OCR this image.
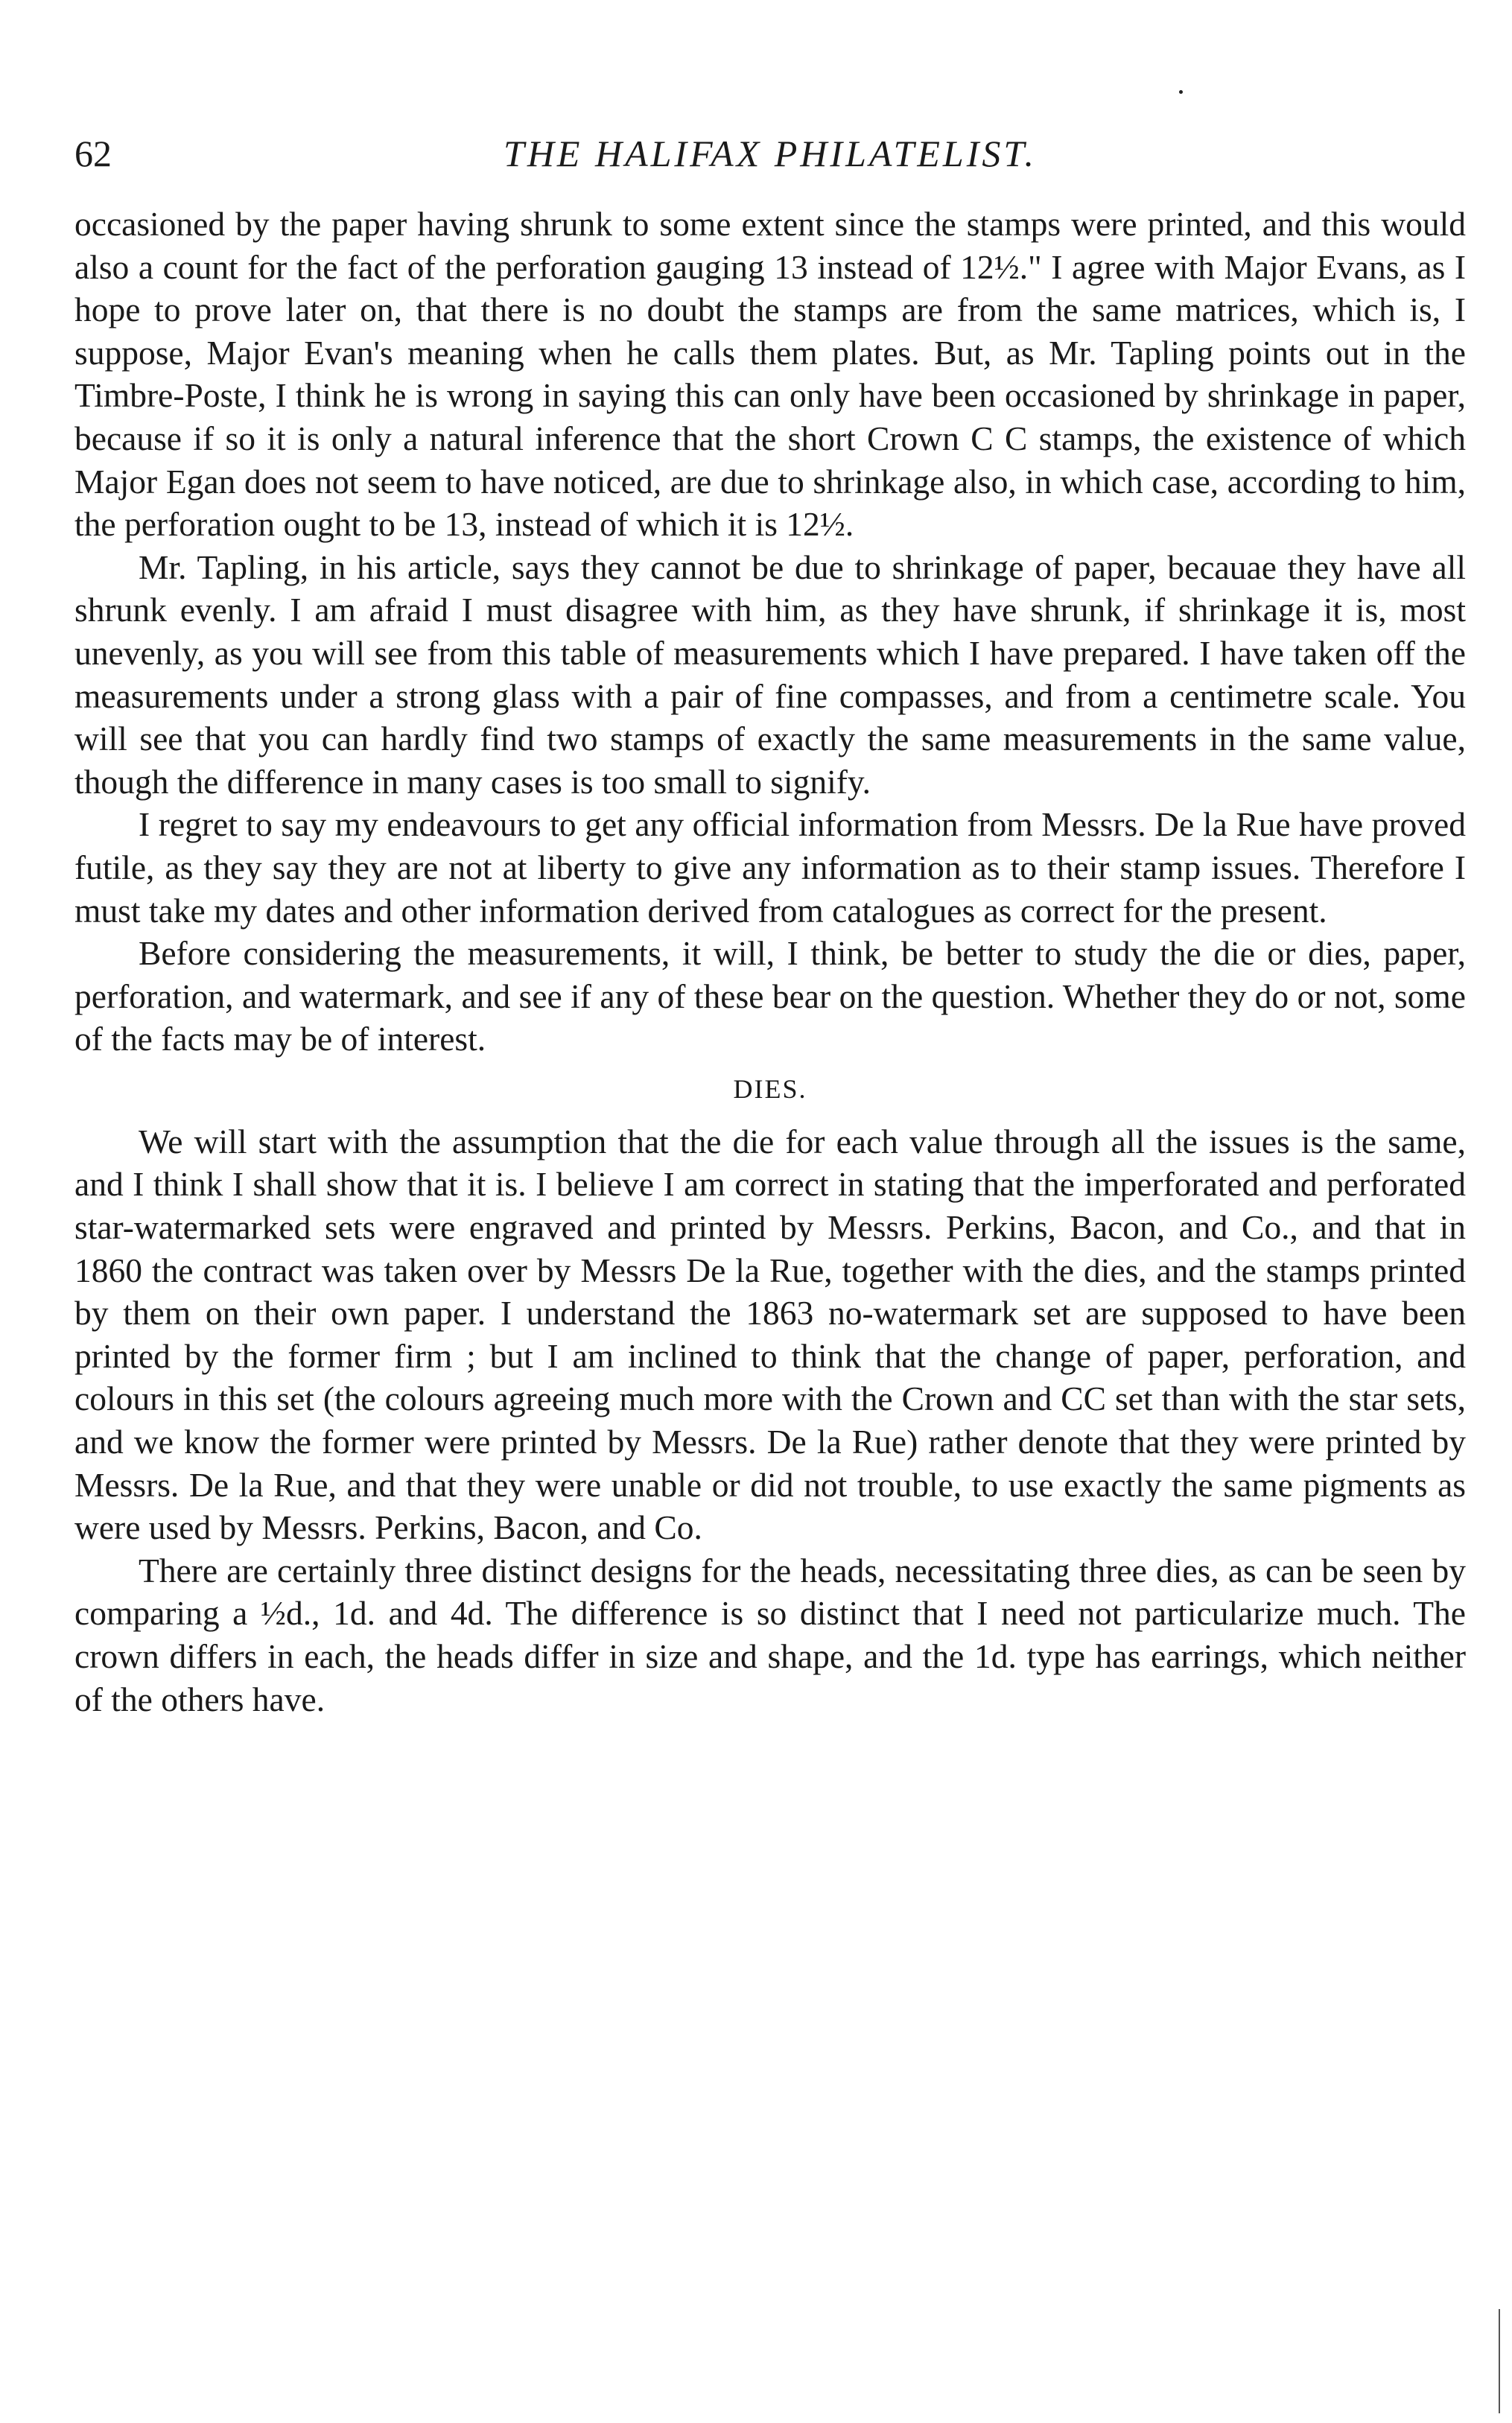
62	THE HALIFAX PHILATELIST.

occasioned by the paper having shrunk to some extent since the stamps were printed, and this would also a count for the fact of the perforation gauging 13 instead of 12½." I agree with Major Evans, as I hope to prove later on, that there is no doubt the stamps are from the same matrices, which is, I suppose, Major Evan's meaning when he calls them plates. But, as Mr. Tapling points out in the Timbre-Poste, I think he is wrong in saying this can only have been occasioned by shrinkage in paper, because if so it is only a natural inference that the short Crown C C stamps, the existence of which Major Egan does not seem to have noticed, are due to shrinkage also, in which case, according to him, the perforation ought to be 13, instead of which it is 12½.

Mr. Tapling, in his article, says they cannot be due to shrinkage of paper, becauae they have all shrunk evenly. I am afraid I must disagree with him, as they have shrunk, if shrinkage it is, most unevenly, as you will see from this table of measurements which I have prepared. I have taken off the measurements under a strong glass with a pair of fine compasses, and from a centimetre scale. You will see that you can hardly find two stamps of exactly the same measurements in the same value, though the difference in many cases is too small to signify.

I regret to say my endeavours to get any official information from Messrs. De la Rue have proved futile, as they say they are not at liberty to give any information as to their stamp issues. Therefore I must take my dates and other information derived from catalogues as correct for the present.

Before considering the measurements, it will, I think, be better to study the die or dies, paper, perforation, and watermark, and see if any of these bear on the question. Whether they do or not, some of the facts may be of interest.

DIES.

We will start with the assumption that the die for each value through all the issues is the same, and I think I shall show that it is. I believe I am correct in stating that the imperforated and perforated star-watermarked sets were engraved and printed by Messrs. Perkins, Bacon, and Co., and that in 1860 the contract was taken over by Messrs De la Rue, together with the dies, and the stamps printed by them on their own paper. I understand the 1863 no-watermark set are supposed to have been printed by the former firm ; but I am inclined to think that the change of paper, perforation, and colours in this set (the colours agreeing much more with the Crown and CC set than with the star sets, and we know the former were printed by Messrs. De la Rue) rather denote that they were printed by Messrs. De la Rue, and that they were unable or did not trouble, to use exactly the same pigments as were used by Messrs. Perkins, Bacon, and Co.

There are certainly three distinct designs for the heads, necessitating three dies, as can be seen by comparing a ½d., 1d. and 4d. The difference is so distinct that I need not particularize much. The crown differs in each, the heads differ in size and shape, and the 1d. type has earrings, which neither of the others have.
